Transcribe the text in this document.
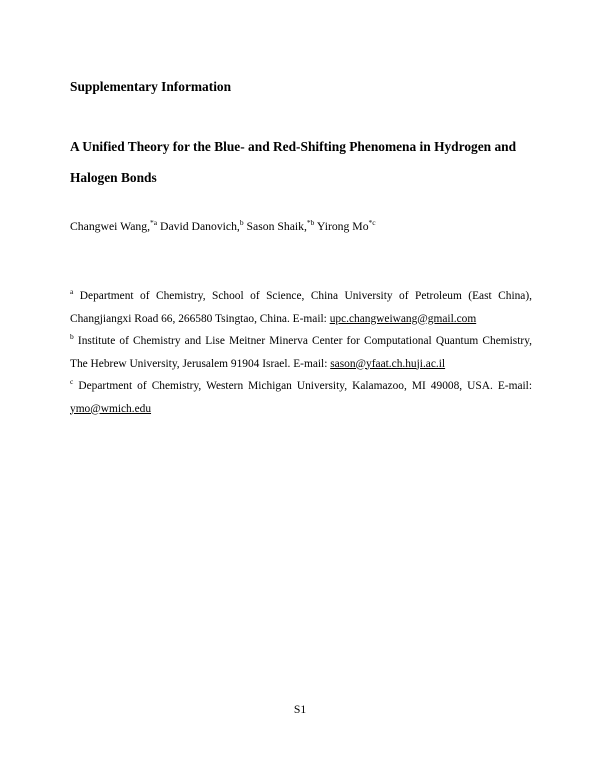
Supplementary Information
A Unified Theory for the Blue- and Red-Shifting Phenomena in Hydrogen and Halogen Bonds
Changwei Wang,$^{*a}$ David Danovich,$^b$ Sason Shaik,$^{*b}$ Yirong Mo$^{*c}$

$^a$ Department of Chemistry, School of Science, China University of Petroleum (East China), Changjiangxi Road 66, 266580 Tsingtao, China. E-mail: upc.changweiwang@gmail.com

$^b$ Institute of Chemistry and Lise Meitner Minerva Center for Computational Quantum Chemistry, The Hebrew University, Jerusalem 91904 Israel. E-mail: sason@yfaat.ch.huji.ac.il

$^c$ Department of Chemistry, Western Michigan University, Kalamazoo, MI 49008, USA. E-mail: ymo@wmich.edu

S1
